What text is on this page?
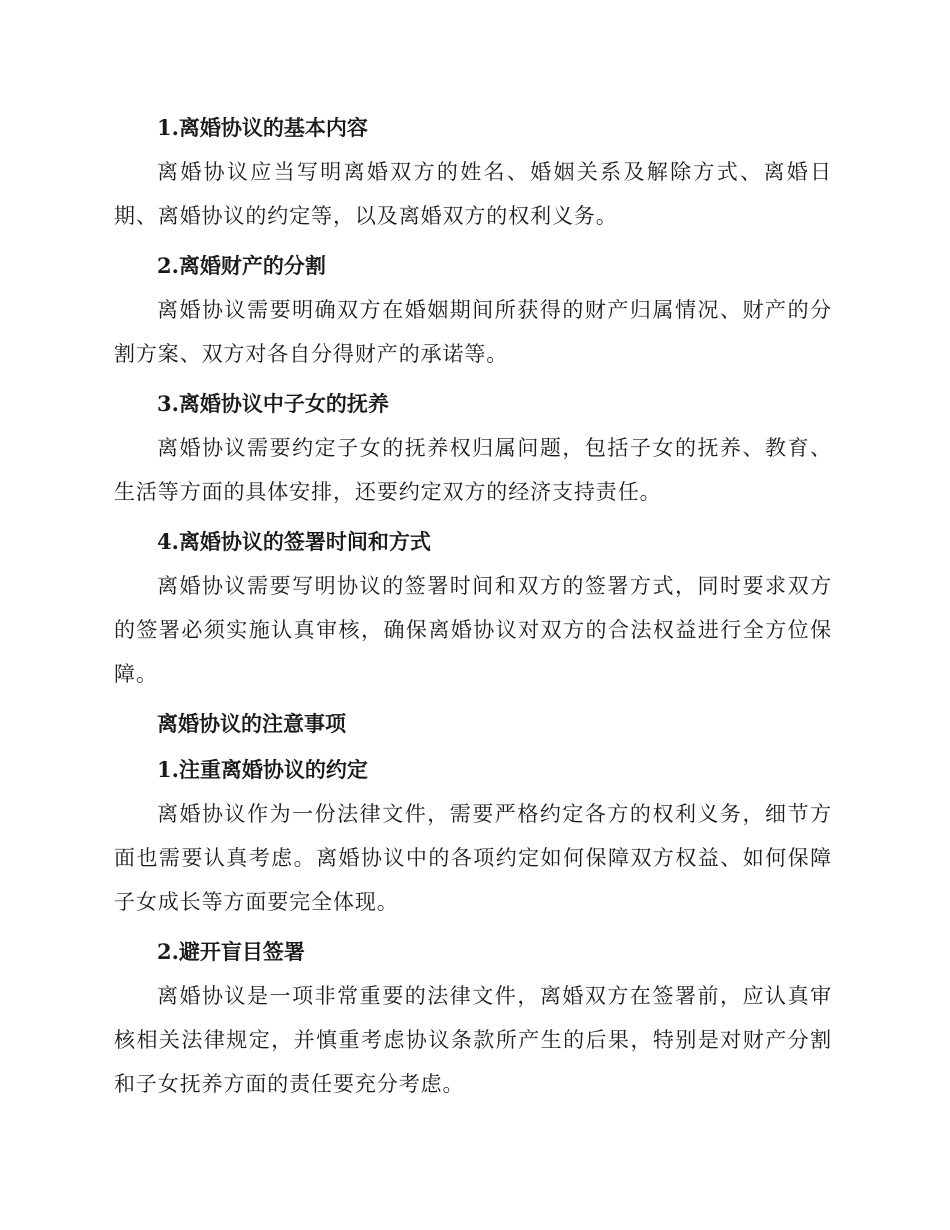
1.离婚协议的基本内容

离婚协议应当写明离婚双方的姓名、婚姻关系及解除方式、离婚日期、离婚协议的约定等，以及离婚双方的权利义务。

2.离婚财产的分割

离婚协议需要明确双方在婚姻期间所获得的财产归属情况、财产的分割方案、双方对各自分得财产的承诺等。

3.离婚协议中子女的抚养

离婚协议需要约定子女的抚养权归属问题，包括子女的抚养、教育、生活等方面的具体安排，还要约定双方的经济支持责任。

4.离婚协议的签署时间和方式

离婚协议需要写明协议的签署时间和双方的签署方式，同时要求双方的签署必须实施认真审核，确保离婚协议对双方的合法权益进行全方位保障。

离婚协议的注意事项

1.注重离婚协议的约定

离婚协议作为一份法律文件，需要严格约定各方的权利义务，细节方面也需要认真考虑。离婚协议中的各项约定如何保障双方权益、如何保障子女成长等方面要完全体现。

2.避开盲目签署

离婚协议是一项非常重要的法律文件，离婚双方在签署前，应认真审核相关法律规定，并慎重考虑协议条款所产生的后果，特别是对财产分割和子女抚养方面的责任要充分考虑。
